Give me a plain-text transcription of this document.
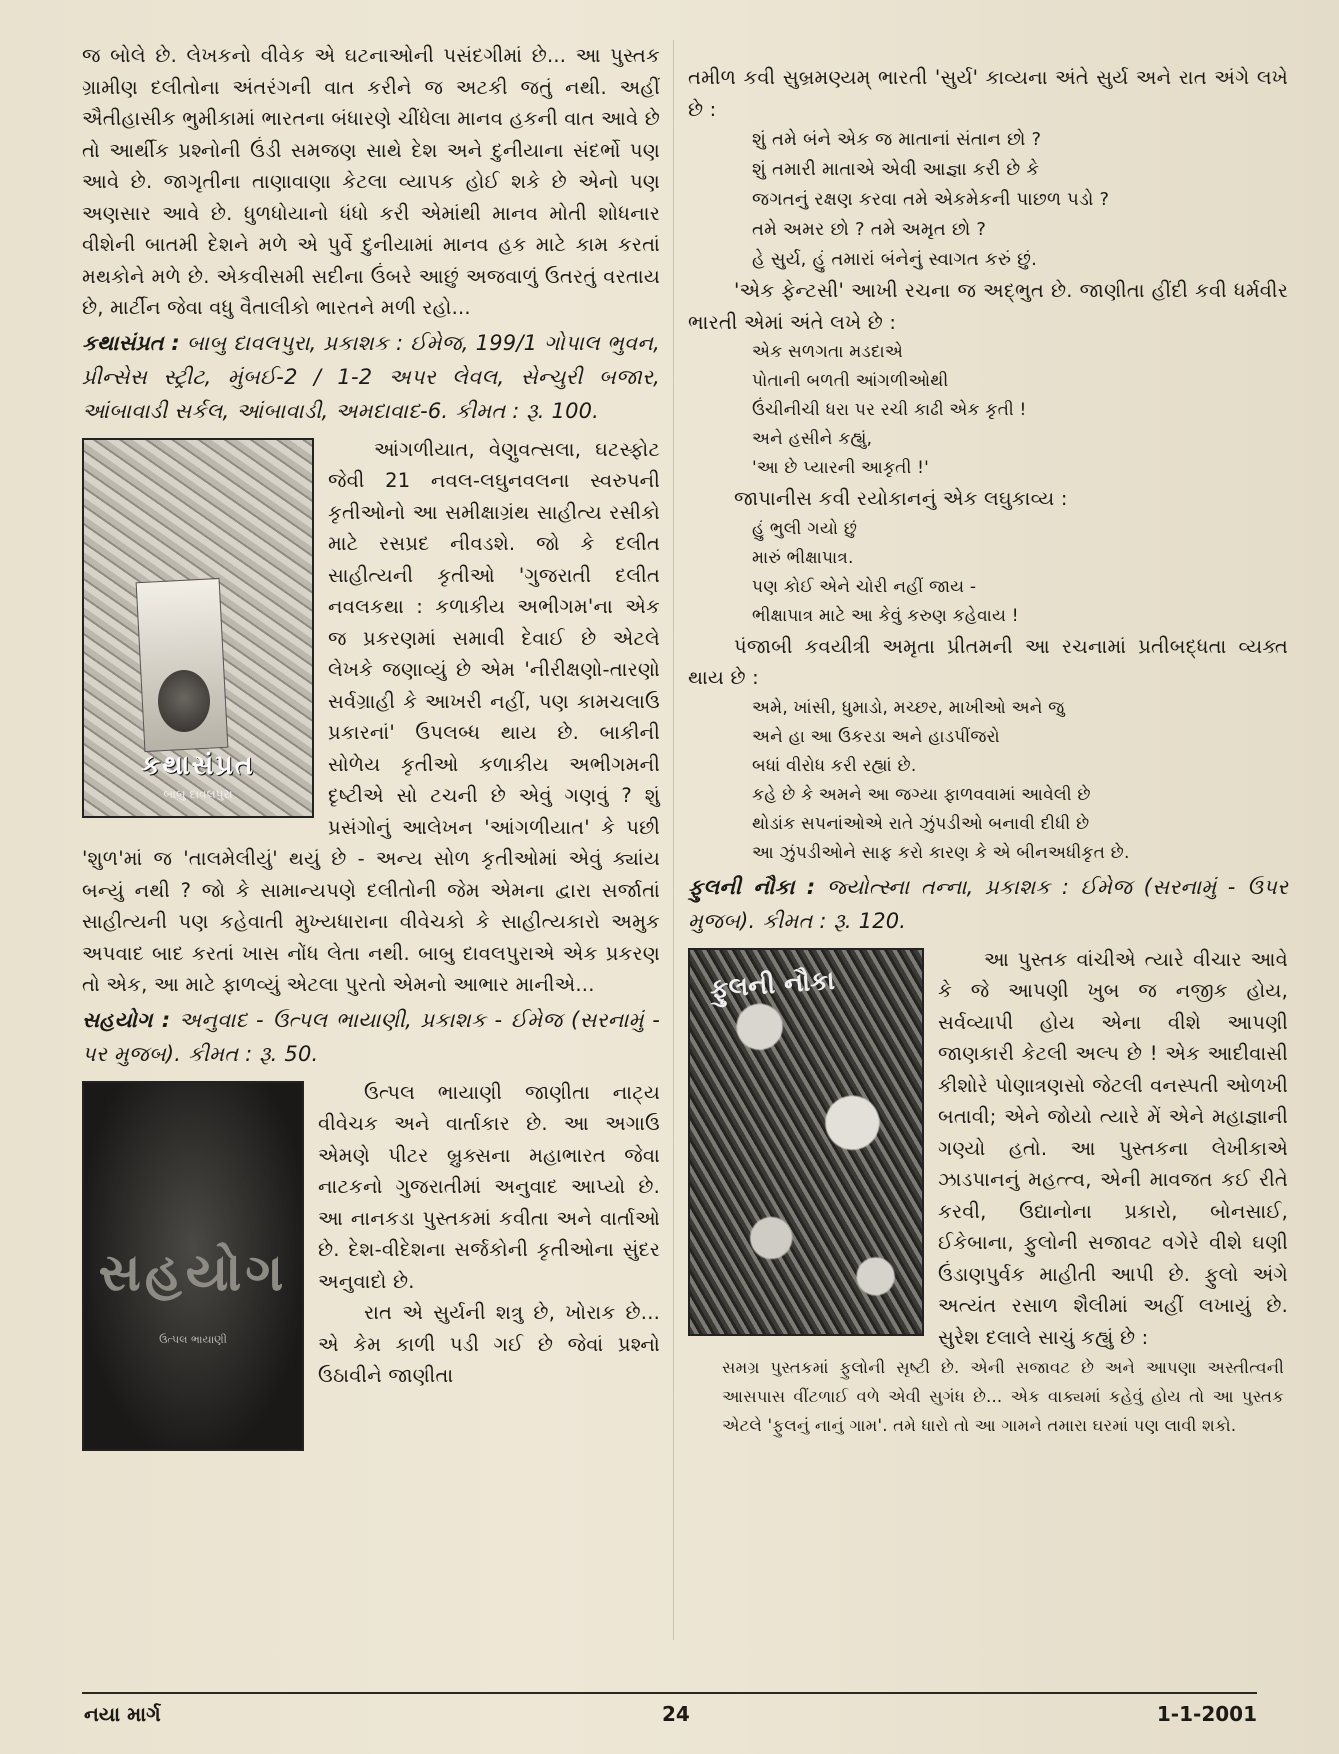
જ બોલે છે. લેખકનો વીવેક એ ઘટનાઓની પસંદગીમાં છે... આ પુસ્તક ગ્રામીણ દલીતોના અંતરંગની વાત કરીને જ અટકી જતું નથી. અહીં ઐતીહાસીક ભુમીકામાં ભારતના બંધારણે ચીંધેલા માનવ હકની વાત આવે છે તો આર્થીક પ્રશ્નોની ઉંડી સમજણ સાથે દેશ અને દુનીયાના સંદર્ભો પણ આવે છે. જાગૃતીના તાણાવાણા કેટલા વ્યાપક હોઈ શકે છે એનો પણ અણસાર આવે છે. ધુળધોયાનો ધંધો કરી એમાંથી માનવ મોતી શોધનાર વીશેની બાતમી દેશને મળે એ પુર્વે દુનીયામાં માનવ હક માટે કામ કરતાં મથકોને મળે છે. એકવીસમી સદીના ઉંબરે આછું અજવાળું ઉતરતું વરતાય છે, માર્ટીન જેવા વધુ વૈતાલીકો ભારતને મળી રહો...

કથાસંપ્રત : બાબુ દાવલપુરા, પ્રકાશક : ઈમેજ, 199/1 ગોપાલ ભુવન, પ્રીન્સેસ સ્ટ્રીટ, મુંબઈ-2 / 1-2 અપર લેવલ, સેન્ચુરી બજાર, આંબાવાડી સર્કલ, આંબાવાડી, અમદાવાદ-6. કીમત : રૂ. 100.

કથાસંપ્રત
બાબુ દાવલપુરા

આંગળીયાત, વેણુવત્સલા, ઘટસ્ફોટ જેવી 21 નવલ-લઘુનવલના સ્વરુપની કૃતીઓનો આ સમીક્ષાગ્રંથ સાહીત્ય રસીકો માટે રસપ્રદ નીવડશે. જો કે દલીત સાહીત્યની કૃતીઓ 'ગુજરાતી દલીત નવલકથા : કળાકીય અભીગમ'ના એક જ પ્રકરણમાં સમાવી દેવાઈ છે એટલે લેખકે જણાવ્યું છે એમ 'નીરીક્ષણો-તારણો સર્વગ્રાહી કે આખરી નહીં, પણ કામચલાઉ પ્રકારનાં' ઉપલબ્ધ થાય છે. બાકીની સોળેય કૃતીઓ કળાકીય અભીગમની દૃષ્ટીએ સો ટચની છે એવું ગણવું ? શું પ્રસંગોનું આલેખન 'આંગળીયાત' કે પછી 'શુળ'માં જ 'તાલમેલીયું' થયું છે - અન્ય સોળ કૃતીઓમાં એવું ક્યાંય બન્યું નથી ? જો કે સામાન્યપણે દલીતોની જેમ એમના દ્વારા સર્જાતાં સાહીત્યની પણ કહેવાતી મુખ્યધારાના વીવેચકો કે સાહીત્યકારો અમુક અપવાદ બાદ કરતાં ખાસ નોંધ લેતા નથી. બાબુ દાવલપુરાએ એક પ્રકરણ તો એક, આ માટે ફાળવ્યું એટલા પુરતો એમનો આભાર માનીએ...

સહયોગ : અનુવાદ - ઉત્પલ ભાયાણી, પ્રકાશક - ઈમેજ (સરનામું - પર મુજબ). કીમત : રૂ. 50.

સહયોગ
ઉત્પલ ભાયાણી

ઉત્પલ ભાયાણી જાણીતા નાટ્ય વીવેચક અને વાર્તાકાર છે. આ અગાઉ એમણે પીટર બ્રુક્સના મહાભારત જેવા નાટકનો ગુજરાતીમાં અનુવાદ આપ્યો છે. આ નાનકડા પુસ્તકમાં કવીતા અને વાર્તાઓ છે. દેશ-વીદેશના સર્જકોની કૃતીઓના સુંદર અનુવાદો છે.

રાત એ સુર્યની શત્રુ છે, ખોરાક છે... એ કેમ કાળી પડી ગઈ છે જેવાં પ્રશ્નો ઉઠાવીને જાણીતા

તમીળ કવી સુબ્રમણ્યમ્ ભારતી 'સુર્ય' કાવ્યના અંતે સુર્ય અને રાત અંગે લખે છે :

શું તમે બંને એક જ માતાનાં સંતાન છો ?
શું તમારી માતાએ એવી આજ્ઞા કરી છે કે
જગતનું રક્ષણ કરવા તમે એકમેકની પાછળ પડો ?
તમે અમર છો ? તમે અમૃત છો ?
હે સુર્ય, હું તમારાં બંનેનું સ્વાગત કરું છું.

'એક ફેન્ટસી' આખી રચના જ અદ્ભુત છે. જાણીતા હીંદી કવી ધર્મવીર ભારતી એમાં અંતે લખે છે :

એક સળગતા મડદાએ
પોતાની બળતી આંગળીઓથી
ઉંચીનીચી ધરા પર રચી કાઢી એક કૃતી !
અને હસીને કહ્યું,
'આ છે પ્યારની આકૃતી !'

જાપાનીસ કવી રયોકાનનું એક લઘુકાવ્ય :

હું ભુલી ગયો છું
મારું ભીક્ષાપાત્ર.
પણ કોઈ એને ચોરી નહીં જાય -
ભીક્ષાપાત્ર માટે આ કેવું કરુણ કહેવાય !

પંજાબી કવયીત્રી અમૃતા પ્રીતમની આ રચનામાં પ્રતીબદ્ધતા વ્યક્ત થાય છે :

અમે, ખાંસી, ધુમાડો, મચ્છર, માખીઓ અને જુ
અને હા આ ઉકરડા અને હાડપીંજરો
બધાં વીરોધ કરી રહ્યાં છે.
કહે છે કે અમને આ જગ્યા ફાળવવામાં આવેલી છે
થોડાંક સપનાંઓએ રાતે ઝુંપડીઓ બનાવી દીધી છે
આ ઝુંપડીઓને સાફ કરો કારણ કે એ બીનઅધીકૃત છે.

ફુલની નૌકા : જ્યોત્સ્ના તન્ના, પ્રકાશક : ઈમેજ (સરનામું - ઉપર મુજબ). કીમત : રૂ. 120.

ફુલની નૌકા

આ પુસ્તક વાંચીએ ત્યારે વીચાર આવે કે જે આપણી ખુબ જ નજીક હોય, સર્વવ્યાપી હોય એના વીશે આપણી જાણકારી કેટલી અલ્પ છે ! એક આદીવાસી કીશોરે પોણાત્રણસો જેટલી વનસ્પતી ઓળખી બતાવી; એને જોયો ત્યારે મેં એને મહાજ્ઞાની ગણ્યો હતો. આ પુસ્તકના લેખીકાએ ઝાડપાનનું મહત્ત્વ, એની માવજત કઈ રીતે કરવી, ઉદ્યાનોના પ્રકારો, બોનસાઈ, ઈકેબાના, ફુલોની સજાવટ વગેરે વીશે ઘણી ઉંડાણપુર્વક માહીતી આપી છે. ફુલો અંગે અત્યંત રસાળ શૈલીમાં અહીં લખાયું છે. સુરેશ દલાલે સાચું કહ્યું છે :

સમગ્ર પુસ્તકમાં ફુલોની સૃષ્ટી છે. એની સજાવટ છે અને આપણા અસ્તીત્વની આસપાસ વીંટળાઈ વળે એવી સુગંધ છે... એક વાક્યમાં કહેવું હોય તો આ પુસ્તક એટલે 'ફુલનું નાનું ગામ'. તમે ધારો તો આ ગામને તમારા ઘરમાં પણ લાવી શકો.

નયા માર્ગ	24	1-1-2001
